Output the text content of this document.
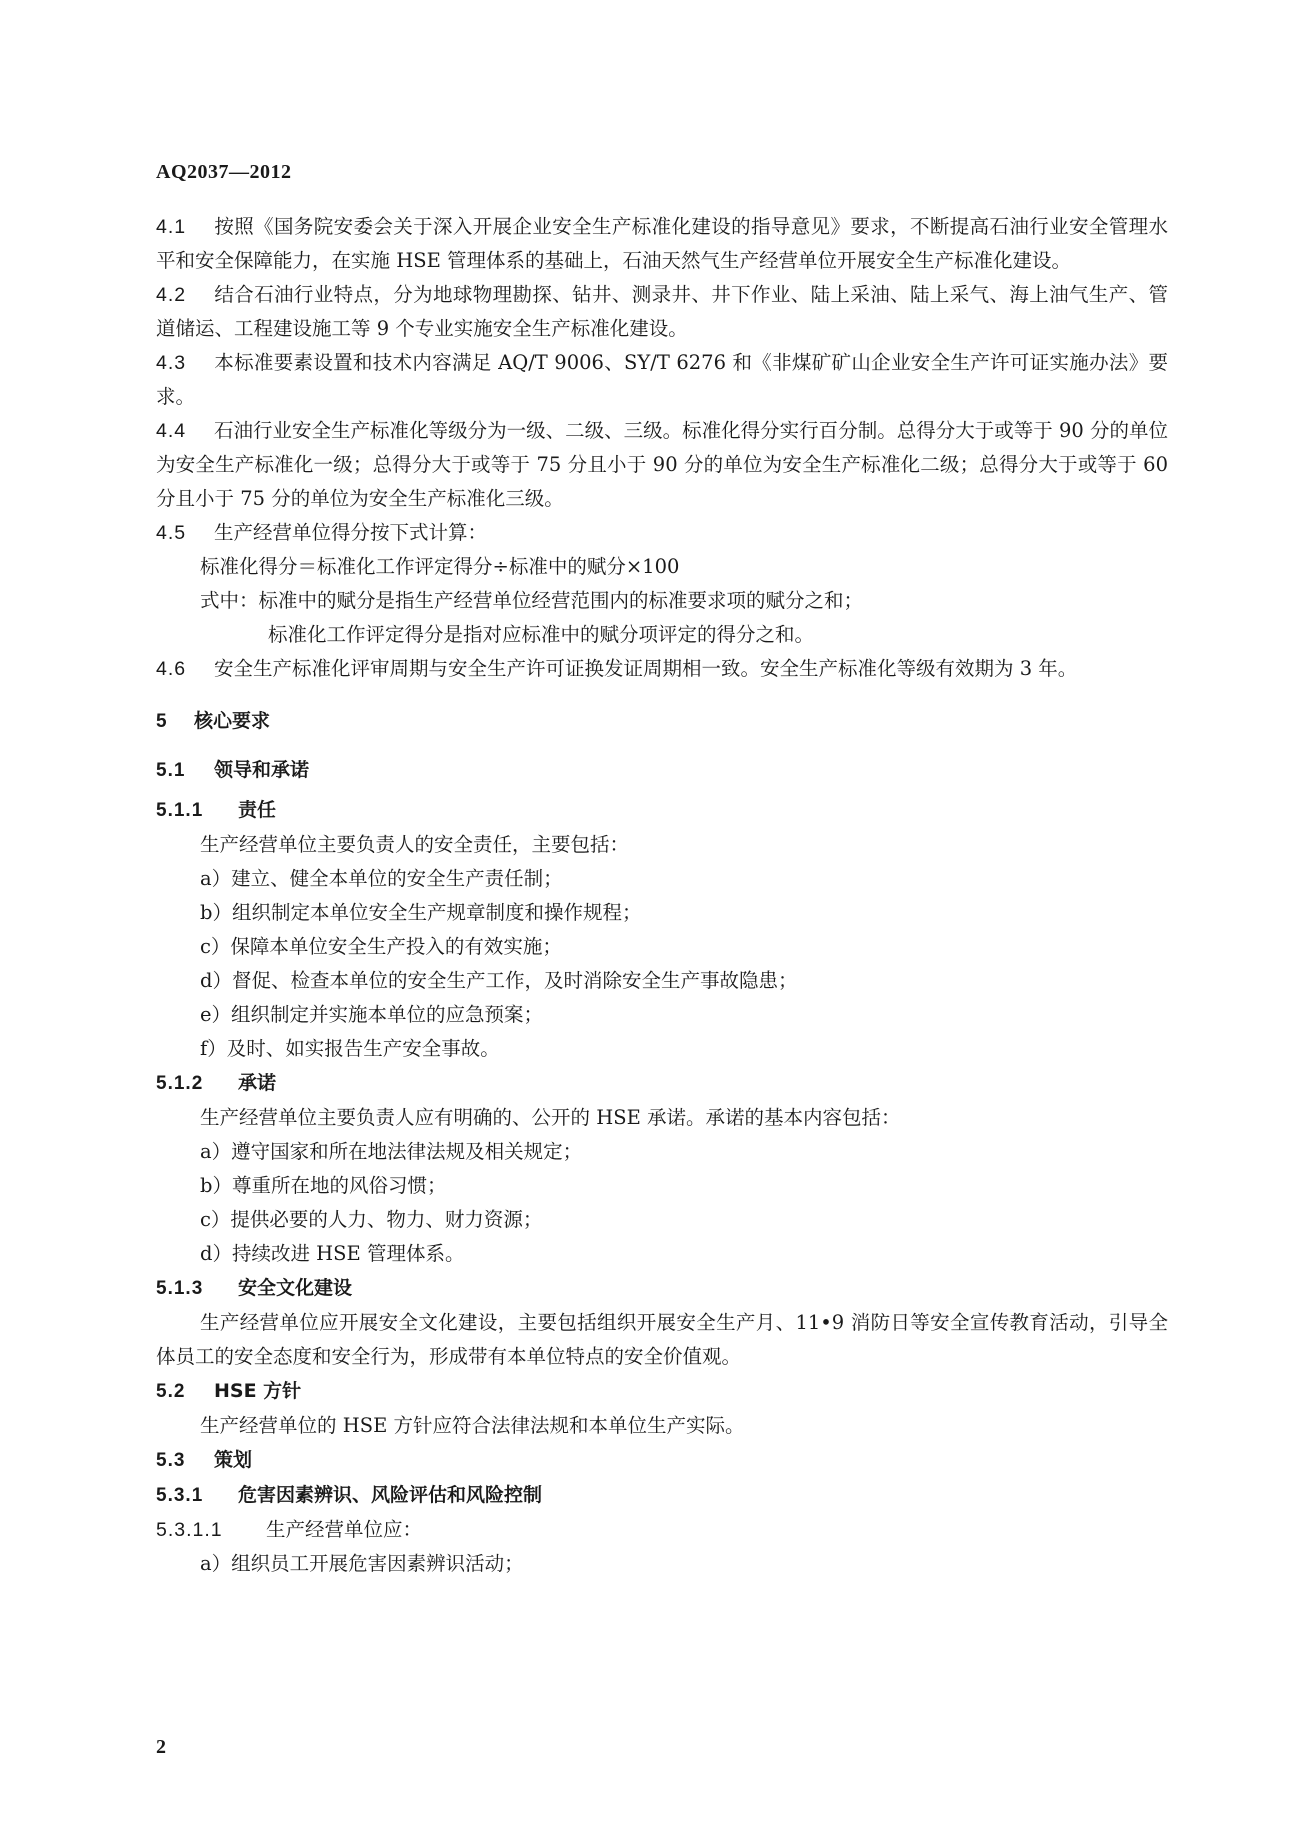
AQ2037—2012

4.1 按照《国务院安委会关于深入开展企业安全生产标准化建设的指导意见》要求，不断提高石油行业安全管理水平和安全保障能力，在实施 HSE 管理体系的基础上，石油天然气生产经营单位开展安全生产标准化建设。

4.2 结合石油行业特点，分为地球物理勘探、钻井、测录井、井下作业、陆上采油、陆上采气、海上油气生产、管道储运、工程建设施工等 9 个专业实施安全生产标准化建设。

4.3 本标准要素设置和技术内容满足 AQ/T 9006、SY/T 6276 和《非煤矿矿山企业安全生产许可证实施办法》要求。

4.4 石油行业安全生产标准化等级分为一级、二级、三级。标准化得分实行百分制。总得分大于或等于 90 分的单位为安全生产标准化一级；总得分大于或等于 75 分且小于 90 分的单位为安全生产标准化二级；总得分大于或等于 60 分且小于 75 分的单位为安全生产标准化三级。

4.5 生产经营单位得分按下式计算：

标准化得分＝标准化工作评定得分÷标准中的赋分×100

式中：标准中的赋分是指生产经营单位经营范围内的标准要求项的赋分之和；

标准化工作评定得分是指对应标准中的赋分项评定的得分之和。

4.6 安全生产标准化评审周期与安全生产许可证换发证周期相一致。安全生产标准化等级有效期为 3 年。

5 核心要求

5.1 领导和承诺

5.1.1 责任

生产经营单位主要负责人的安全责任，主要包括：

a）建立、健全本单位的安全生产责任制；

b）组织制定本单位安全生产规章制度和操作规程；

c）保障本单位安全生产投入的有效实施；

d）督促、检查本单位的安全生产工作，及时消除安全生产事故隐患；

e）组织制定并实施本单位的应急预案；

f）及时、如实报告生产安全事故。

5.1.2 承诺

生产经营单位主要负责人应有明确的、公开的 HSE 承诺。承诺的基本内容包括：

a）遵守国家和所在地法律法规及相关规定；

b）尊重所在地的风俗习惯；

c）提供必要的人力、物力、财力资源；

d）持续改进 HSE 管理体系。

5.1.3 安全文化建设

生产经营单位应开展安全文化建设，主要包括组织开展安全生产月、11•9 消防日等安全宣传教育活动，引导全体员工的安全态度和安全行为，形成带有本单位特点的安全价值观。

5.2 HSE 方针

生产经营单位的 HSE 方针应符合法律法规和本单位生产实际。

5.3 策划

5.3.1 危害因素辨识、风险评估和风险控制

5.3.1.1 生产经营单位应：

a）组织员工开展危害因素辨识活动；

2
